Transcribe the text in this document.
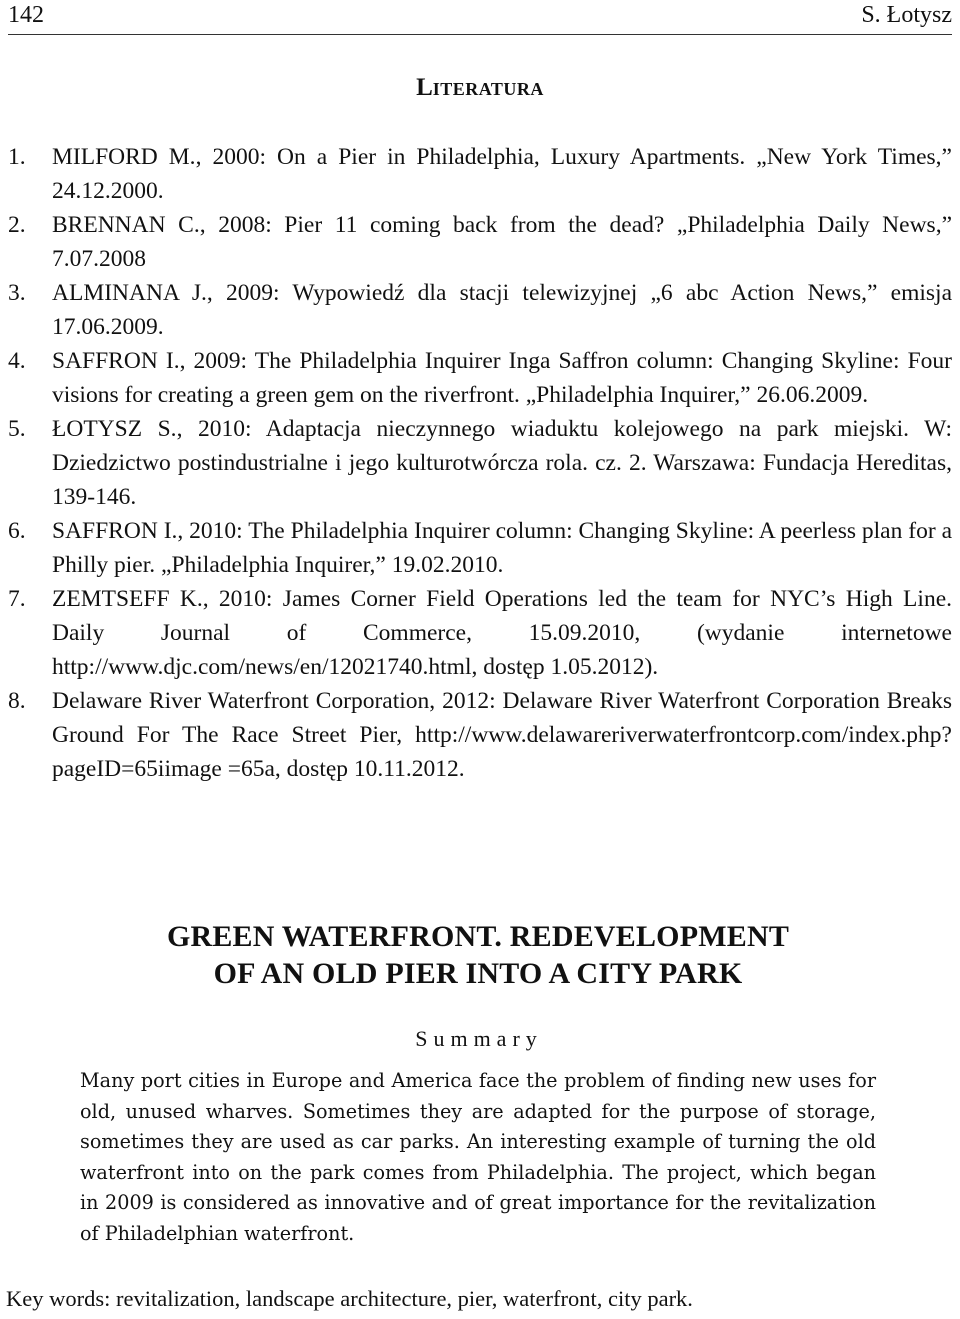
142	S. Łotysz
LITERATURA
1. MILFORD M., 2000: On a Pier in Philadelphia, Luxury Apartments. „New York Times,” 24.12.2000.
2. BRENNAN C., 2008: Pier 11 coming back from the dead? „Philadelphia Daily News,” 7.07.2008
3. ALMINANA J., 2009: Wypowiedź dla stacji telewizyjnej „6 abc Action News,” emisja 17.06.2009.
4. SAFFRON I., 2009: The Philadelphia Inquirer Inga Saffron column: Changing Skyline: Four visions for creating a green gem on the riverfront. „Philadelphia Inquirer,” 26.06.2009.
5. ŁOTYSZ S., 2010: Adaptacja nieczynnego wiaduktu kolejowego na park miejski. W: Dziedzictwo postindustrialne i jego kulturotwórcza rola. cz. 2. Warszawa: Fundacja Hereditas, 139-146.
6. SAFFRON I., 2010: The Philadelphia Inquirer column: Changing Skyline: A peerless plan for a Philly pier. „Philadelphia Inquirer,” 19.02.2010.
7. ZEMTSEFF K., 2010: James Corner Field Operations led the team for NYC’s High Line. Daily Journal of Commerce, 15.09.2010, (wydanie internetowe http://www.djc.com/news/en/12021740.html, dostęp 1.05.2012).
8. Delaware River Waterfront Corporation, 2012: Delaware River Waterfront Corporation Breaks Ground For The Race Street Pier, http://www.delawareriverwaterfrontcorp.com/index.php?pageID=65iimage =65a, dostęp 10.11.2012.
GREEN WATERFRONT. REDEVELOPMENT
OF AN OLD PIER INTO A CITY PARK
Summary

Many port cities in Europe and America face the problem of finding new uses for old, unused wharves. Sometimes they are adapted for the purpose of storage, sometimes they are used as car parks. An interesting example of turning the old waterfront into on the park comes from Philadelphia. The project, which began in 2009 is considered as innovative and of great importance for the revitalization of Philadelphian waterfront.

Key words: revitalization, landscape architecture, pier, waterfront, city park.
